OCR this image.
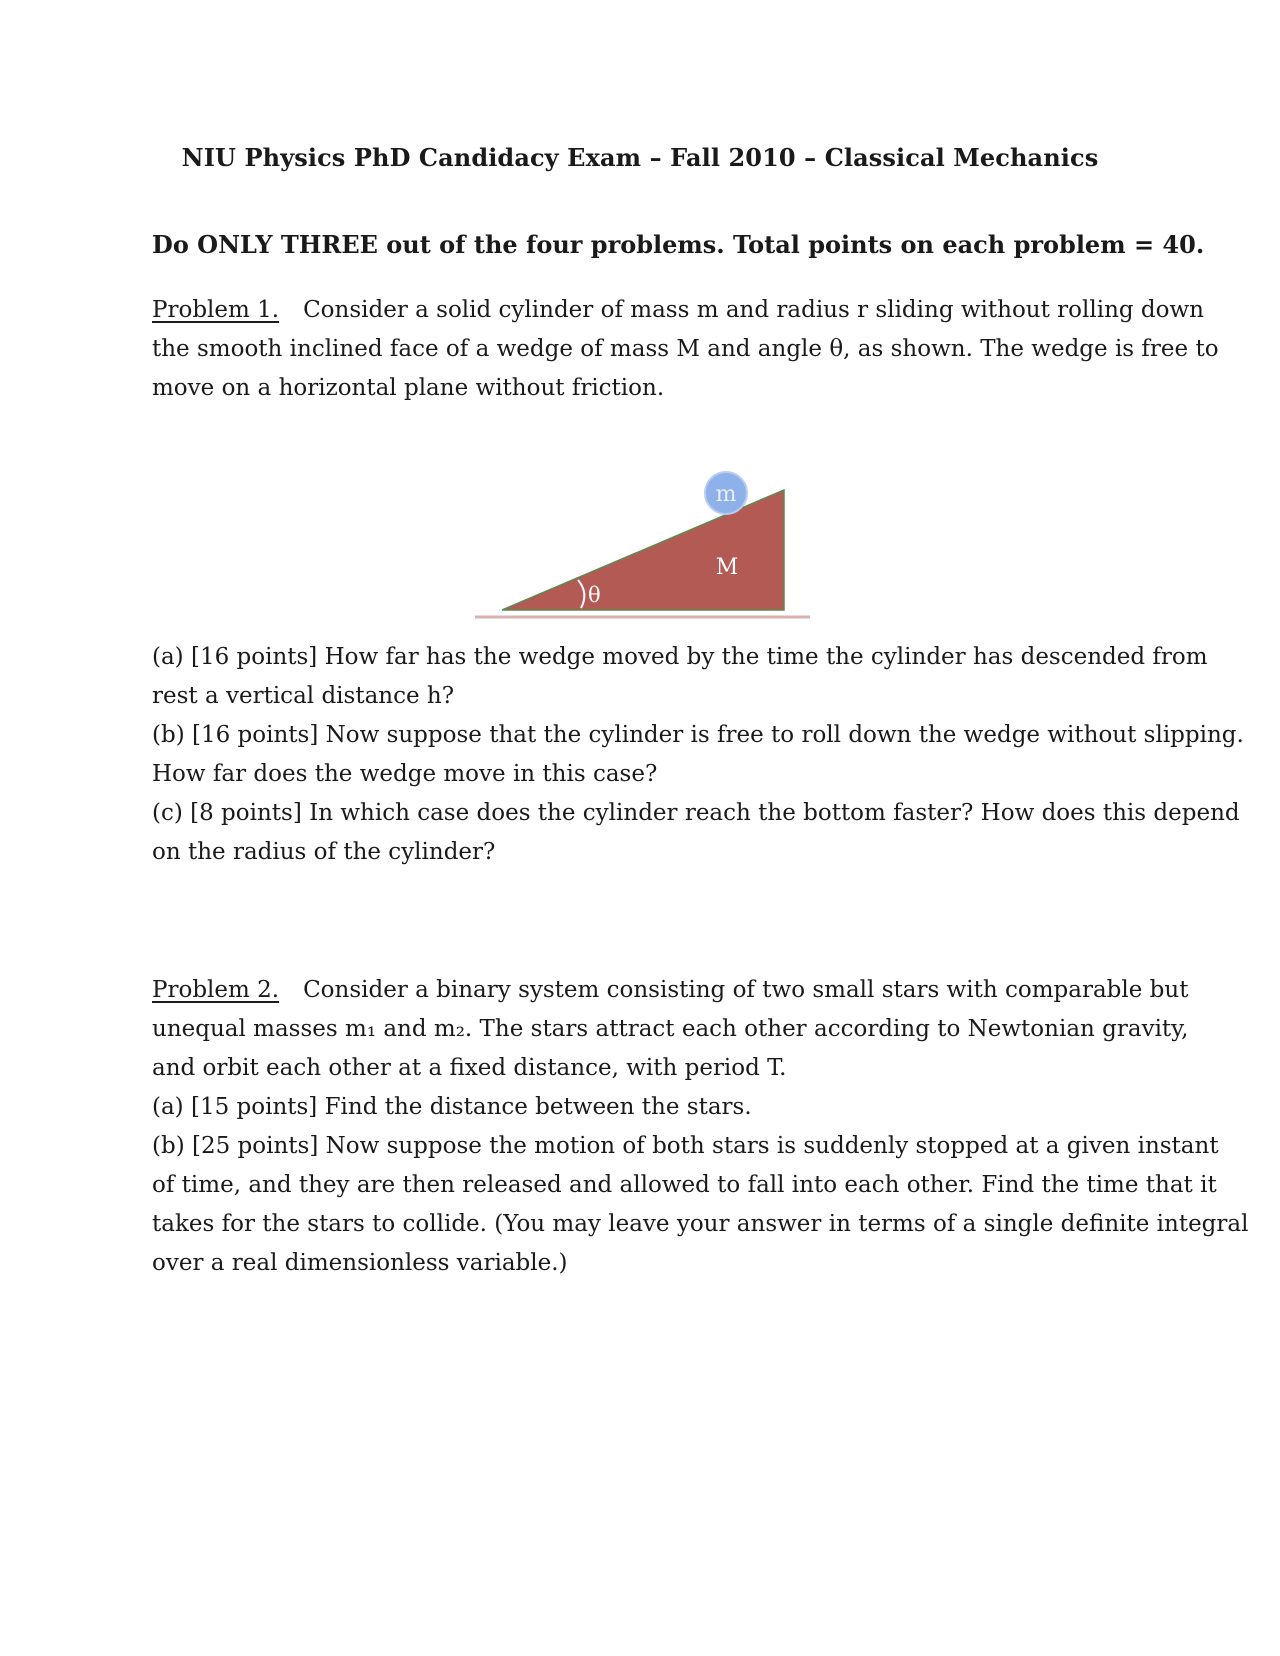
NIU Physics PhD Candidacy Exam – Fall 2010 – Classical Mechanics
Do ONLY THREE out of the four problems. Total points on each problem = 40.
Problem 1. Consider a solid cylinder of mass m and radius r sliding without rolling down
the smooth inclined face of a wedge of mass M and angle θ, as shown. The wedge is free to
move on a horizontal plane without friction.
m
M
θ
(a) [16 points] How far has the wedge moved by the time the cylinder has descended from
rest a vertical distance h?
(b) [16 points] Now suppose that the cylinder is free to roll down the wedge without slipping.
How far does the wedge move in this case?
(c) [8 points] In which case does the cylinder reach the bottom faster? How does this depend
on the radius of the cylinder?
Problem 2. Consider a binary system consisting of two small stars with comparable but
unequal masses m₁ and m₂. The stars attract each other according to Newtonian gravity,
and orbit each other at a fixed distance, with period T.
(a) [15 points] Find the distance between the stars.
(b) [25 points] Now suppose the motion of both stars is suddenly stopped at a given instant
of time, and they are then released and allowed to fall into each other. Find the time that it
takes for the stars to collide. (You may leave your answer in terms of a single definite integral
over a real dimensionless variable.)
